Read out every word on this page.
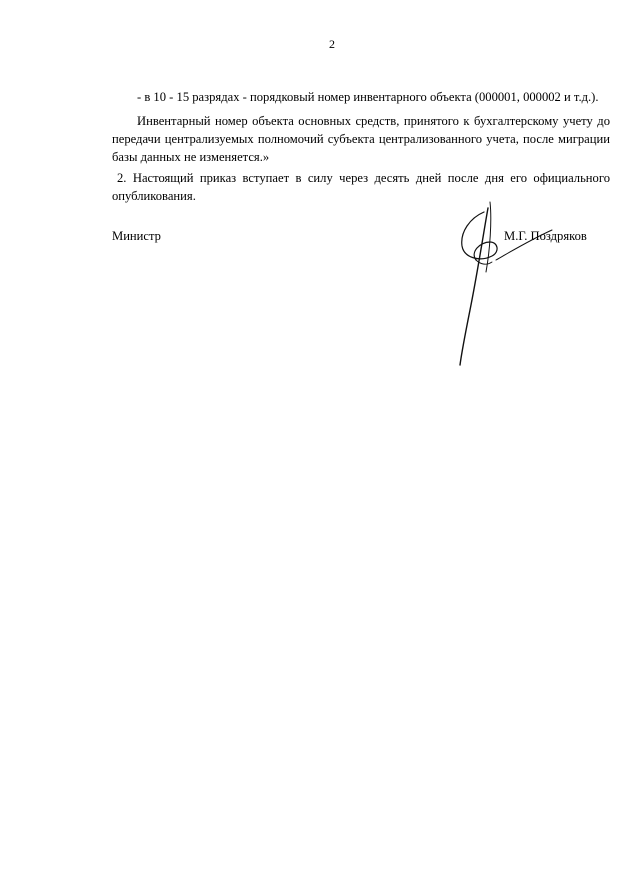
2

- в 10 - 15 разрядах - порядковый номер инвентарного объекта (000001, 000002 и т.д.).

Инвентарный номер объекта основных средств, принятого к бухгалтерскому учету до передачи централизуемых полномочий субъекта централизованного учета, после миграции базы данных не изменяется.»

2. Настоящий приказ вступает в силу через десять дней после дня его официального опубликования.

Министр	М.Г. Поздряков
